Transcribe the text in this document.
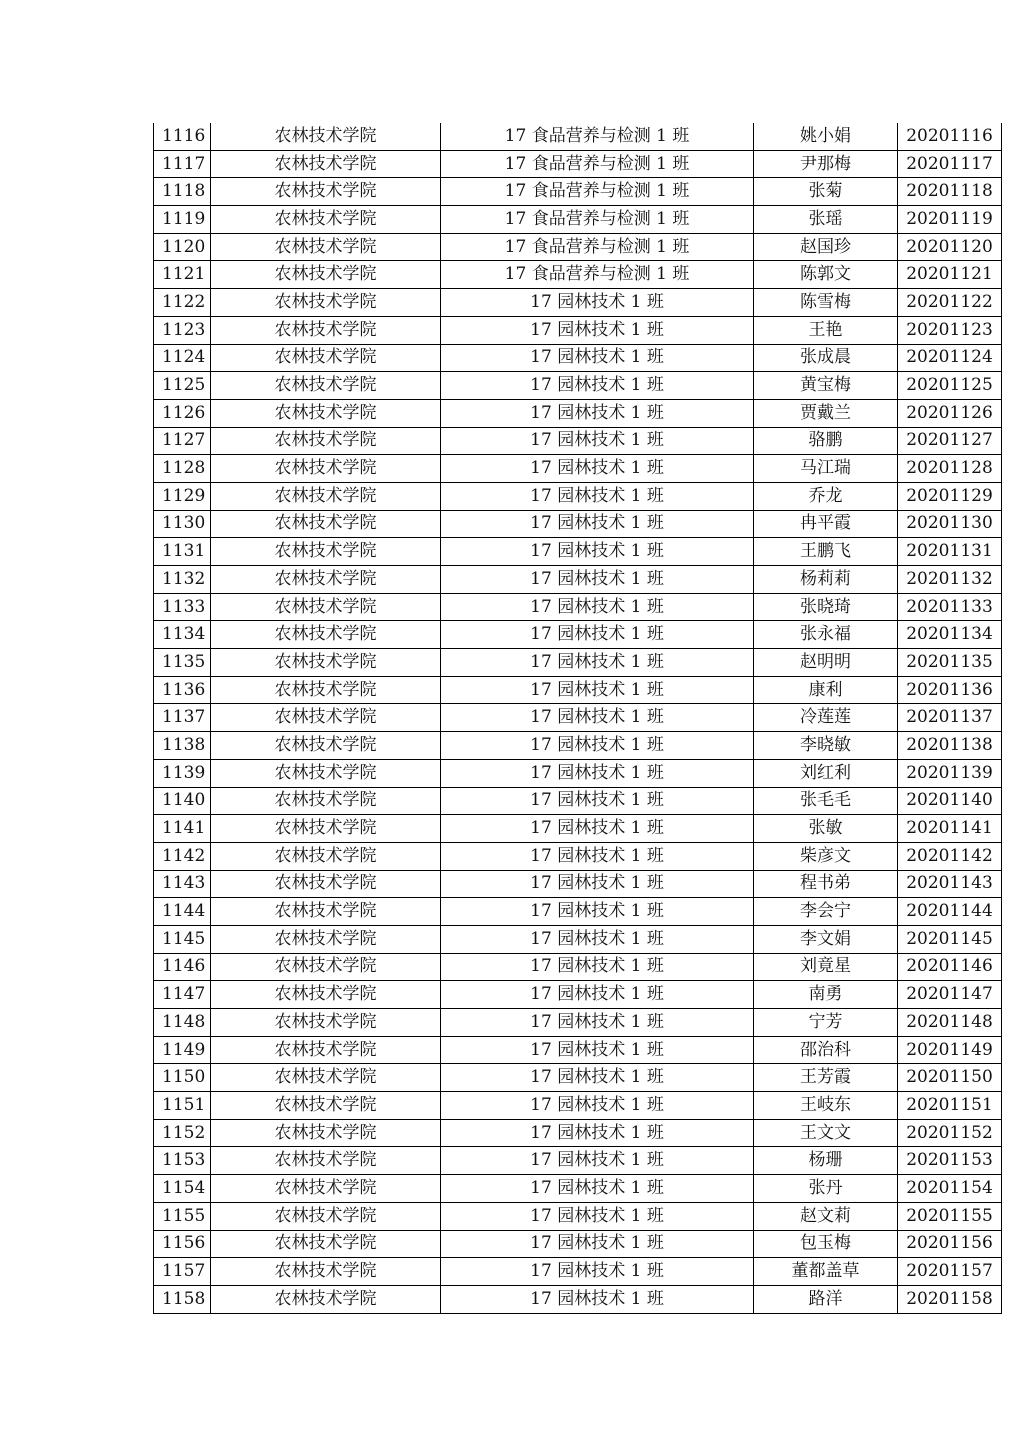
1116	农林技术学院	17 食品营养与检测 1 班	姚小娟	20201116
1117	农林技术学院	17 食品营养与检测 1 班	尹那梅	20201117
1118	农林技术学院	17 食品营养与检测 1 班	张菊	20201118
1119	农林技术学院	17 食品营养与检测 1 班	张瑶	20201119
1120	农林技术学院	17 食品营养与检测 1 班	赵国珍	20201120
1121	农林技术学院	17 食品营养与检测 1 班	陈郭文	20201121
1122	农林技术学院	17 园林技术 1 班	陈雪梅	20201122
1123	农林技术学院	17 园林技术 1 班	王艳	20201123
1124	农林技术学院	17 园林技术 1 班	张成晨	20201124
1125	农林技术学院	17 园林技术 1 班	黄宝梅	20201125
1126	农林技术学院	17 园林技术 1 班	贾戴兰	20201126
1127	农林技术学院	17 园林技术 1 班	骆鹏	20201127
1128	农林技术学院	17 园林技术 1 班	马江瑞	20201128
1129	农林技术学院	17 园林技术 1 班	乔龙	20201129
1130	农林技术学院	17 园林技术 1 班	冉平霞	20201130
1131	农林技术学院	17 园林技术 1 班	王鹏飞	20201131
1132	农林技术学院	17 园林技术 1 班	杨莉莉	20201132
1133	农林技术学院	17 园林技术 1 班	张晓琦	20201133
1134	农林技术学院	17 园林技术 1 班	张永福	20201134
1135	农林技术学院	17 园林技术 1 班	赵明明	20201135
1136	农林技术学院	17 园林技术 1 班	康利	20201136
1137	农林技术学院	17 园林技术 1 班	冷莲莲	20201137
1138	农林技术学院	17 园林技术 1 班	李晓敏	20201138
1139	农林技术学院	17 园林技术 1 班	刘红利	20201139
1140	农林技术学院	17 园林技术 1 班	张毛毛	20201140
1141	农林技术学院	17 园林技术 1 班	张敏	20201141
1142	农林技术学院	17 园林技术 1 班	柴彦文	20201142
1143	农林技术学院	17 园林技术 1 班	程书弟	20201143
1144	农林技术学院	17 园林技术 1 班	李会宁	20201144
1145	农林技术学院	17 园林技术 1 班	李文娟	20201145
1146	农林技术学院	17 园林技术 1 班	刘竟星	20201146
1147	农林技术学院	17 园林技术 1 班	南勇	20201147
1148	农林技术学院	17 园林技术 1 班	宁芳	20201148
1149	农林技术学院	17 园林技术 1 班	邵治科	20201149
1150	农林技术学院	17 园林技术 1 班	王芳霞	20201150
1151	农林技术学院	17 园林技术 1 班	王岐东	20201151
1152	农林技术学院	17 园林技术 1 班	王文文	20201152
1153	农林技术学院	17 园林技术 1 班	杨珊	20201153
1154	农林技术学院	17 园林技术 1 班	张丹	20201154
1155	农林技术学院	17 园林技术 1 班	赵文莉	20201155
1156	农林技术学院	17 园林技术 1 班	包玉梅	20201156
1157	农林技术学院	17 园林技术 1 班	董都盖草	20201157
1158	农林技术学院	17 园林技术 1 班	路洋	20201158
